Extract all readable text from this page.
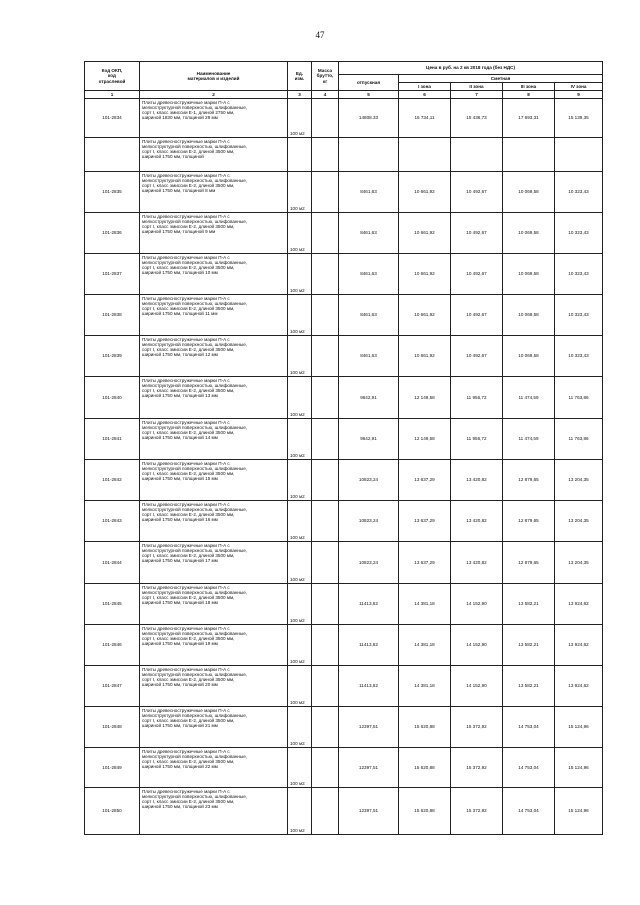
47
Код ОКП,
код
отраслевой	Наименование
материалов и изделий	Ед.
изм.	Масса
брутто,
кг	Цена в руб. на 2 кв 2018 года (без НДС)				
				отпускная	Сметная			
					I зона	II зона	III зона	IV зона
1	2	3	4	5	6	7	8	9
101-2834	Плиты древесностружечные марки П-А с
мелкоструктурной поверхностью, шлифованные,
сорт I, класс эмиссии Е-1, длиной 2750 мм,
шириной 1830 мм, толщиной 29 мм	100 м2		14808.33	16 734,11	15 436,73	17 693,31	15 139,35

	Плиты древесностружечные марки П-А с
мелкоструктурной поверхностью, шлифованные,
сорт I, класс эмиссии Е-2, длиной 3500 мм,
шириной 1750 мм, толщиной							

101-2835	Плиты древесностружечные марки П-А с
мелкоструктурной поверхностью, шлифованные,
сорт I, класс эмиссии Е-2, длиной 3500 мм,
шириной 1750 мм, толщиной 8 мм	100 м2		8461,63	10 661,92	10 492,67	10 069,58	10 323,43
101-2836	Плиты древесностружечные марки П-А с
мелкоструктурной поверхностью, шлифованные,
сорт I, класс эмиссии Е-2, длиной 3500 мм,
шириной 1750 мм, толщиной 9 мм	100 м2		8461,63	10 661,92	10 492,67	10 069,58	10 323,43
101-2837	Плиты древесностружечные марки П-А с
мелкоструктурной поверхностью, шлифованные,
сорт I, класс эмиссии Е-2, длиной 3500 мм,
шириной 1750 мм, толщиной 10 мм	100 м2		8461,63	10 661,92	10 492,67	10 069,58	10 323,43
101-2838	Плиты древесностружечные марки П-А с
мелкоструктурной поверхностью, шлифованные,
сорт I, класс эмиссии Е-2, длиной 3500 мм,
шириной 1750 мм, толщиной 11 мм	100 м2		8461,63	10 661,92	10 492,67	10 069,58	10 323,43
101-2839	Плиты древесностружечные марки П-А с
мелкоструктурной поверхностью, шлифованные,
сорт I, класс эмиссии Е-2, длиной 3500 мм,
шириной 1750 мм, толщиной 12 мм	100 м2		8461,63	10 661,92	10 492,67	10 069,58	10 323,43
101-2840	Плиты древесностружечные марки П-А с
мелкоструктурной поверхностью, шлифованные,
сорт I, класс эмиссии Е-2, длиной 3500 мм,
шириной 1750 мм, толщиной 13 мм	100 м2		9642,91	12 149,58	11 956,72	11 474,59	11 763,86
101-2841	Плиты древесностружечные марки П-А с
мелкоструктурной поверхностью, шлифованные,
сорт I, класс эмиссии Е-2, длиной 3500 мм,
шириной 1750 мм, толщиной 14 мм	100 м2		9642,91	12 149,58	11 956,72	11 474,59	11 763,86
101-2842	Плиты древесностружечные марки П-А с
мелкоструктурной поверхностью, шлифованные,
сорт I, класс эмиссии Е-2, длиной 3500 мм,
шириной 1750 мм, толщиной 15 мм	100 м2		10823,24	13 637,29	13 420,82	12 879,65	13 204,35
101-2843	Плиты древесностружечные марки П-А с
мелкоструктурной поверхностью, шлифованные,
сорт I, класс эмиссии Е-2, длиной 3500 мм,
шириной 1750 мм, толщиной 16 мм	100 м2		10823,24	13 637,29	13 420,82	12 879,65	13 204,35
101-2844	Плиты древесностружечные марки П-А с
мелкоструктурной поверхностью, шлифованные,
сорт I, класс эмиссии Е-2, длиной 3500 мм,
шириной 1750 мм, толщиной 17 мм	100 м2		10823,24	13 637,29	13 420,82	12 879,65	13 204,35
101-2845	Плиты древесностружечные марки П-А с
мелкоструктурной поверхностью, шлифованные,
сорт I, класс эмиссии Е-2, длиной 3500 мм,
шириной 1750 мм, толщиной 18 мм	100 м2		11413,62	14 381,18	14 152,90	13 582,21	13 924,62
101-2846	Плиты древесностружечные марки П-А с
мелкоструктурной поверхностью, шлифованные,
сорт I, класс эмиссии Е-2, длиной 3500 мм,
шириной 1750 мм, толщиной 19 мм	100 м2		11413,62	14 381,18	14 152,90	13 582,21	13 924,62
101-2847	Плиты древесностружечные марки П-А с
мелкоструктурной поверхностью, шлифованные,
сорт I, класс эмиссии Е-2, длиной 3500 мм,
шириной 1750 мм, толщиной 20 мм	100 м2		11413,62	14 381,18	14 152,90	13 582,21	13 924,62
101-2848	Плиты древесностружечные марки П-А с
мелкоструктурной поверхностью, шлифованные,
сорт I, класс эмиссии Е-2, длиной 3500 мм,
шириной 1750 мм, толщиной 21 мм	100 м2		12397,51	15 620,88	15 372,92	14 753,04	15 124,96
101-2849	Плиты древесностружечные марки П-А с
мелкоструктурной поверхностью, шлифованные,
сорт I, класс эмиссии Е-2, длиной 3500 мм,
шириной 1750 мм, толщиной 22 мм	100 м2		12397,51	15 620,88	15 372,92	14 753,04	15 124,96
101-2850	Плиты древесностружечные марки П-А с
мелкоструктурной поверхностью, шлифованные,
сорт I, класс эмиссии Е-2, длиной 3500 мм,
шириной 1750 мм, толщиной 23 мм	100 м2		12397,51	15 620,88	15 372,92	14 753,04	15 124,96
